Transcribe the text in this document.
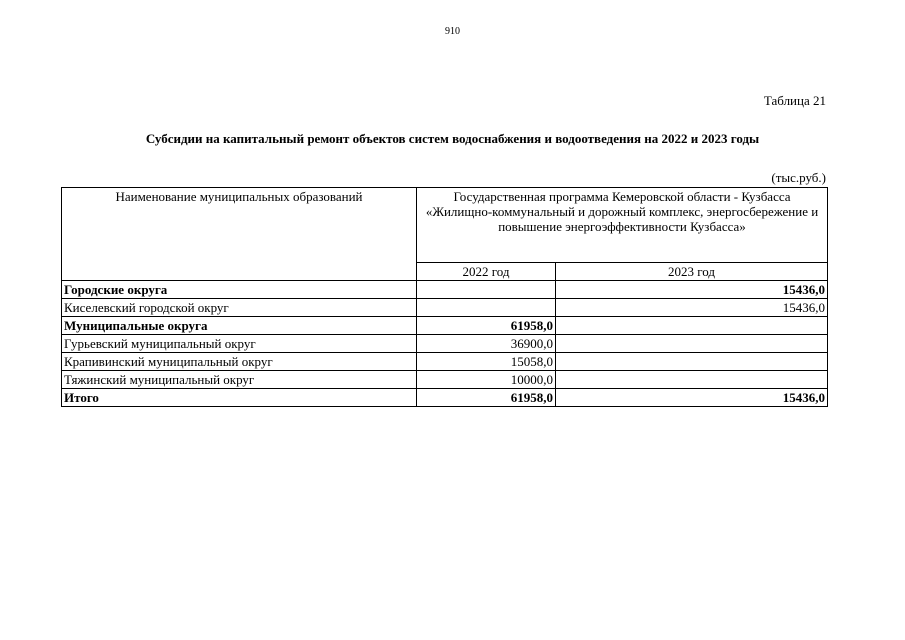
910
Таблица 21
Субсидии на капитальный ремонт объектов систем водоснабжения и водоотведения на 2022 и 2023 годы
(тыс.руб.)
Наименование муниципальных образований	Государственная программа Кемеровской области - Кузбасса «Жилищно-коммунальный и дорожный комплекс, энергосбережение и повышение энергоэффективности Кузбасса»	
	2022 год	2023 год
Городские округа		15436,0
Киселевский городской округ		15436,0
Муниципальные округа	61958,0	
Гурьевский муниципальный округ	36900,0	
Крапивинский муниципальный округ	15058,0	
Тяжинский муниципальный округ	10000,0	
Итого	61958,0	15436,0
